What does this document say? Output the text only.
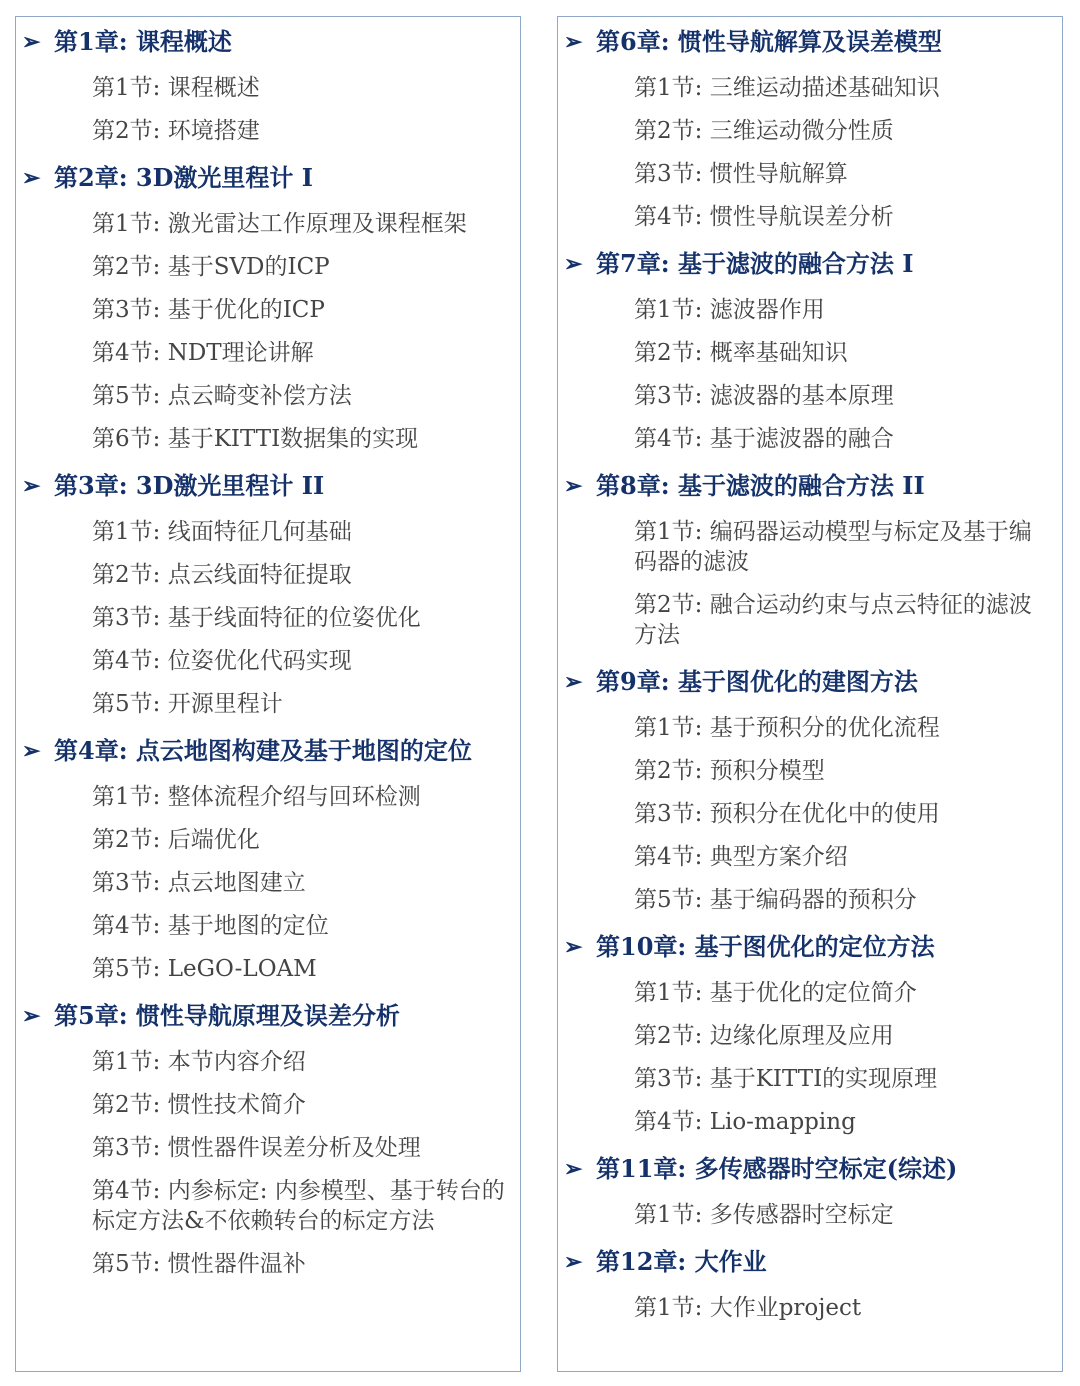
➢ 第1章: 课程概述
第1节: 课程概述
第2节: 环境搭建
➢ 第2章: 3D激光里程计 I
第1节: 激光雷达工作原理及课程框架
第2节: 基于SVD的ICP
第3节: 基于优化的ICP
第4节: NDT理论讲解
第5节: 点云畸变补偿方法
第6节: 基于KITTI数据集的实现
➢ 第3章: 3D激光里程计 II
第1节: 线面特征几何基础
第2节: 点云线面特征提取
第3节: 基于线面特征的位姿优化
第4节: 位姿优化代码实现
第5节: 开源里程计
➢ 第4章: 点云地图构建及基于地图的定位
第1节: 整体流程介绍与回环检测
第2节: 后端优化
第3节: 点云地图建立
第4节: 基于地图的定位
第5节: LeGO-LOAM
➢ 第5章: 惯性导航原理及误差分析
第1节: 本节内容介绍
第2节: 惯性技术简介
第3节: 惯性器件误差分析及处理
第4节: 内参标定: 内参模型、基于转台的标定方法&不依赖转台的标定方法
第5节: 惯性器件温补
➢ 第6章: 惯性导航解算及误差模型
第1节: 三维运动描述基础知识
第2节: 三维运动微分性质
第3节: 惯性导航解算
第4节: 惯性导航误差分析
➢ 第7章: 基于滤波的融合方法 I
第1节: 滤波器作用
第2节: 概率基础知识
第3节: 滤波器的基本原理
第4节: 基于滤波器的融合
➢ 第8章: 基于滤波的融合方法 II
第1节: 编码器运动模型与标定及基于编码器的滤波
第2节: 融合运动约束与点云特征的滤波方法
➢ 第9章: 基于图优化的建图方法
第1节: 基于预积分的优化流程
第2节: 预积分模型
第3节: 预积分在优化中的使用
第4节: 典型方案介绍
第5节: 基于编码器的预积分
➢ 第10章: 基于图优化的定位方法
第1节: 基于优化的定位简介
第2节: 边缘化原理及应用
第3节: 基于KITTI的实现原理
第4节: Lio-mapping
➢ 第11章: 多传感器时空标定(综述)
第1节: 多传感器时空标定
➢ 第12章: 大作业
第1节: 大作业project
